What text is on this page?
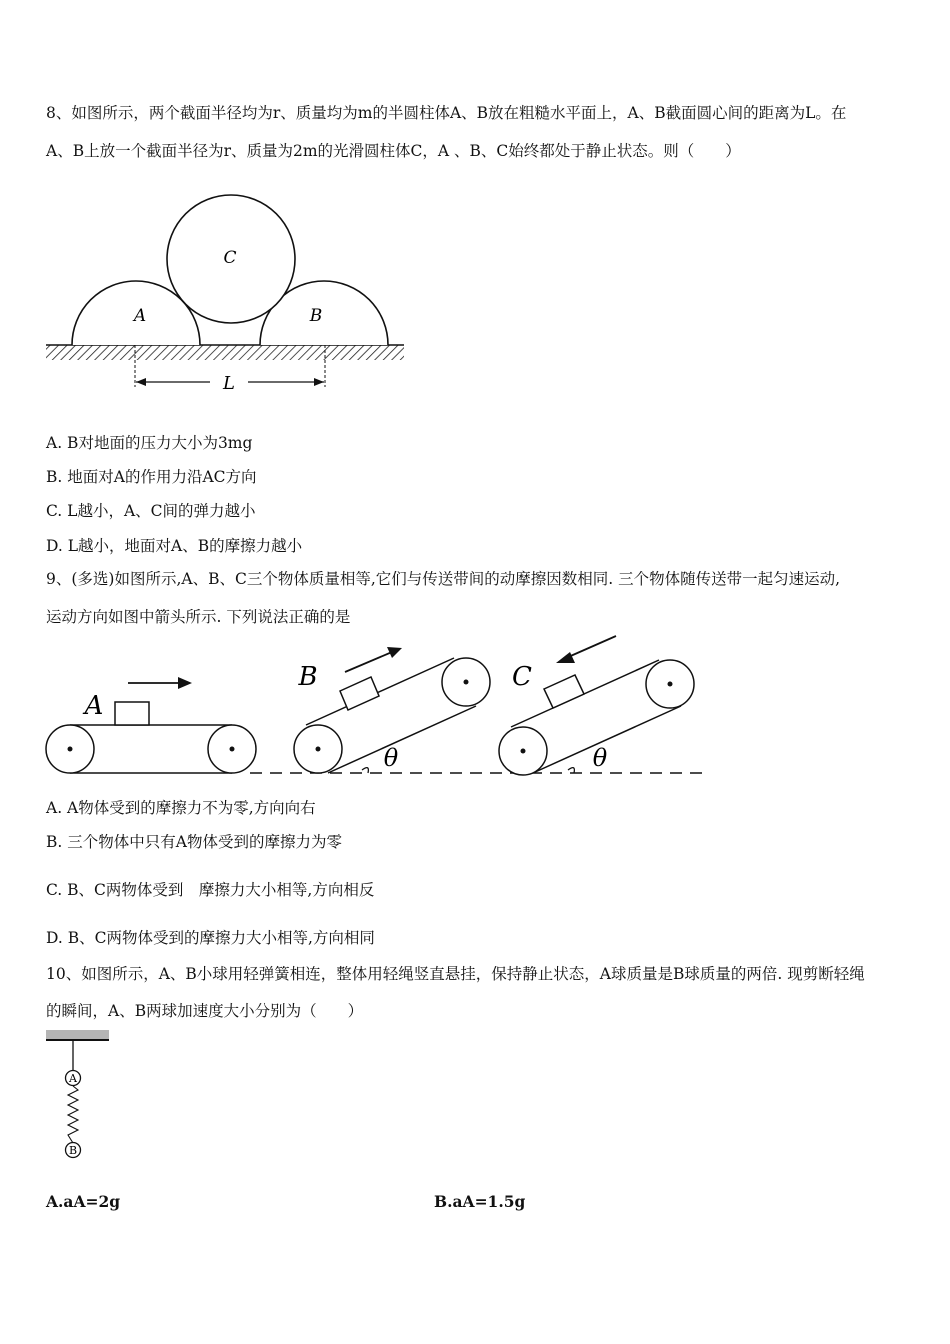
8、如图所示，两个截面半径均为r、质量均为m的半圆柱体A、B放在粗糙水平面上，A、B截面圆心间的距离为L。在
A、B上放一个截面半径为r、质量为2m的光滑圆柱体C，A 、B、C始终都处于静止状态。则（　　）
C
A	B
L
A. B对地面的压力大小为3mg
B. 地面对A的作用力沿AC方向
C. L越小，A、C间的弹力越小
D. L越小，地面对A、B的摩擦力越小
9、(多选)如图所示,A、B、C三个物体质量相等,它们与传送带间的动摩擦因数相同. 三个物体随传送带一起匀速运动,
运动方向如图中箭头所示. 下列说法正确的是
A
B
θ
C
θ
A. A物体受到的摩擦力不为零,方向向右
B. 三个物体中只有A物体受到的摩擦力为零
C. B、C两物体受到　摩擦力大小相等,方向相反
D. B、C两物体受到的摩擦力大小相等,方向相同
10、如图所示，A、B小球用轻弹簧相连，整体用轻绳竖直悬挂，保持静止状态，A球质量是B球质量的两倍. 现剪断轻绳
的瞬间，A、B两球加速度大小分别为（　　）
A
B
A.aA=2g	B.aA=1.5g
